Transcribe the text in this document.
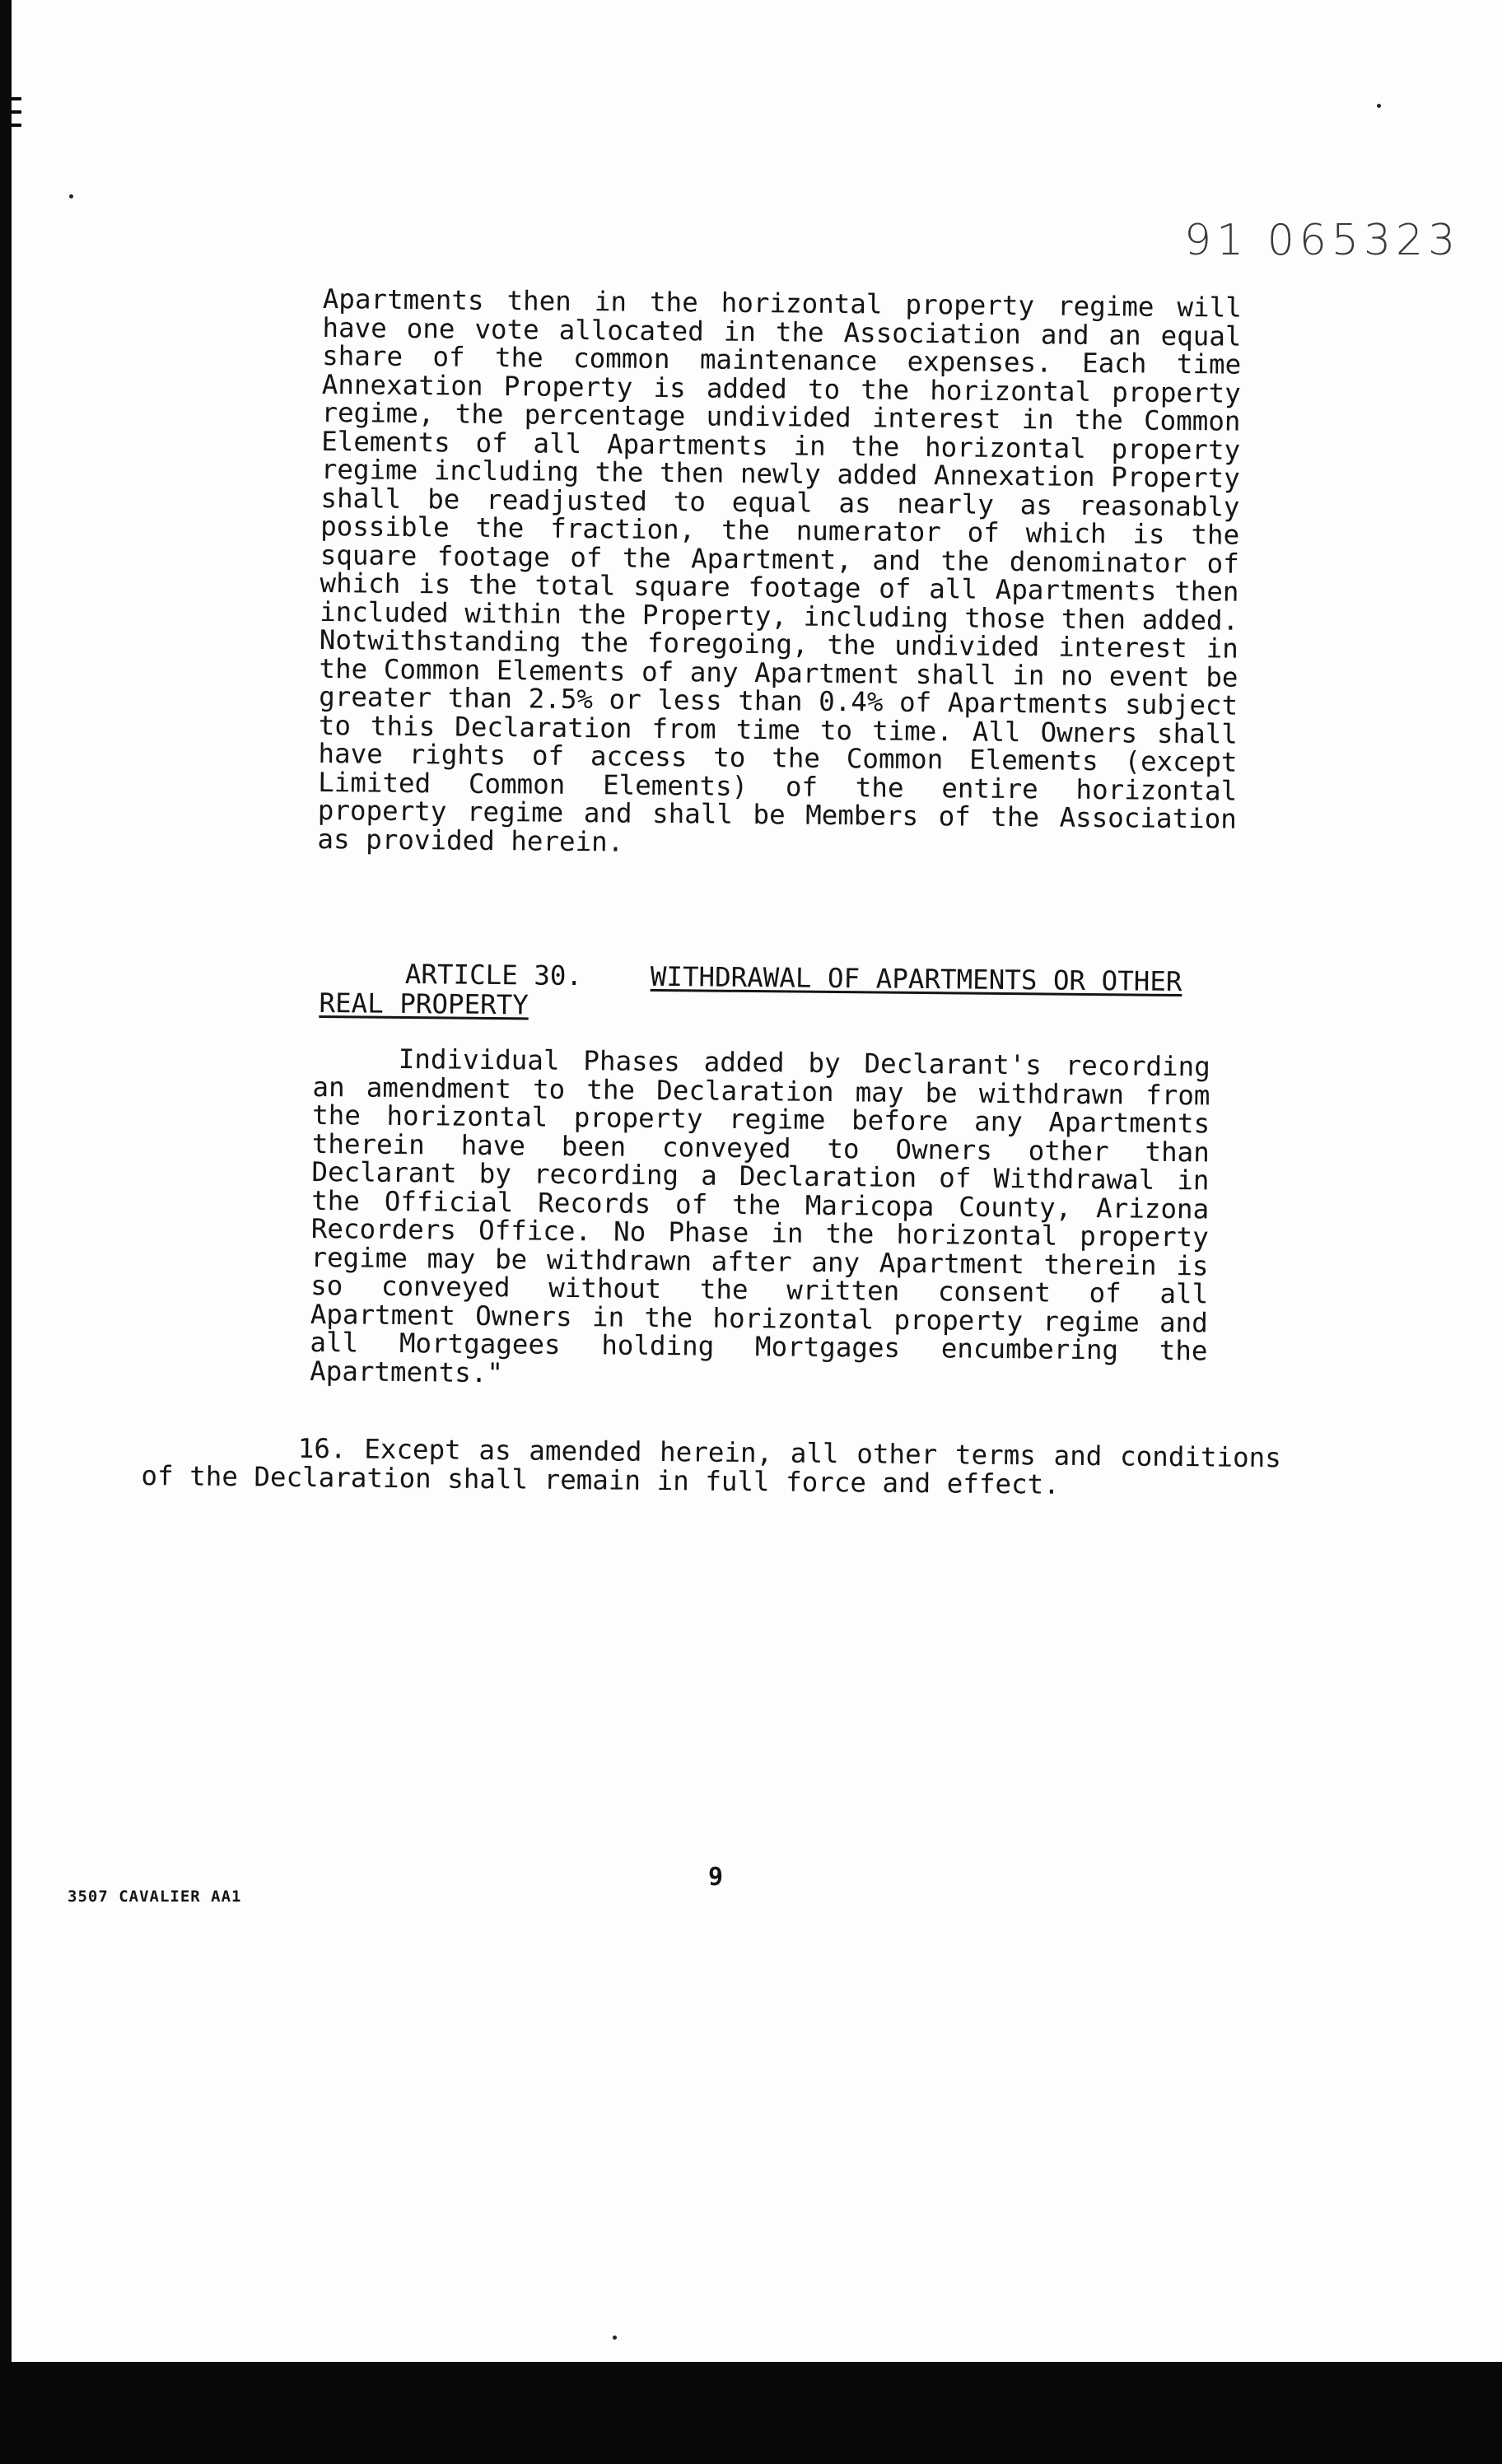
91 065323

Apartments then in the horizontal property regime will have one vote allocated in the Association and an equal share of the common maintenance expenses. Each time Annexation Property is added to the horizontal property regime, the percentage undivided interest in the Common Elements of all Apartments in the horizontal property regime including the then newly added Annexation Property shall be readjusted to equal as nearly as reasonably possible the fraction, the numerator of which is the square footage of the Apartment, and the denominator of which is the total square footage of all Apartments then included within the Property, including those then added. Notwithstanding the foregoing, the undivided interest in the Common Elements of any Apartment shall in no event be greater than 2.5% or less than 0.4% of Apartments subject to this Declaration from time to time. All Owners shall have rights of access to the Common Elements (except Limited Common Elements) of the entire horizontal property regime and shall be Members of the Association as provided herein.

ARTICLE 30.	WITHDRAWAL OF APARTMENTS OR OTHER
REAL PROPERTY

Individual Phases added by Declarant's recording an amendment to the Declaration may be withdrawn from the horizontal property regime before any Apartments therein have been conveyed to Owners other than Declarant by recording a Declaration of Withdrawal in the Official Records of the Maricopa County, Arizona Recorders Office. No Phase in the horizontal property regime may be withdrawn after any Apartment therein is so conveyed without the written consent of all Apartment Owners in the horizontal property regime and all Mortgagees holding Mortgages encumbering the Apartments."

16. Except as amended herein, all other terms and conditions of the Declaration shall remain in full force and effect.

9
3507 CAVALIER AA1
